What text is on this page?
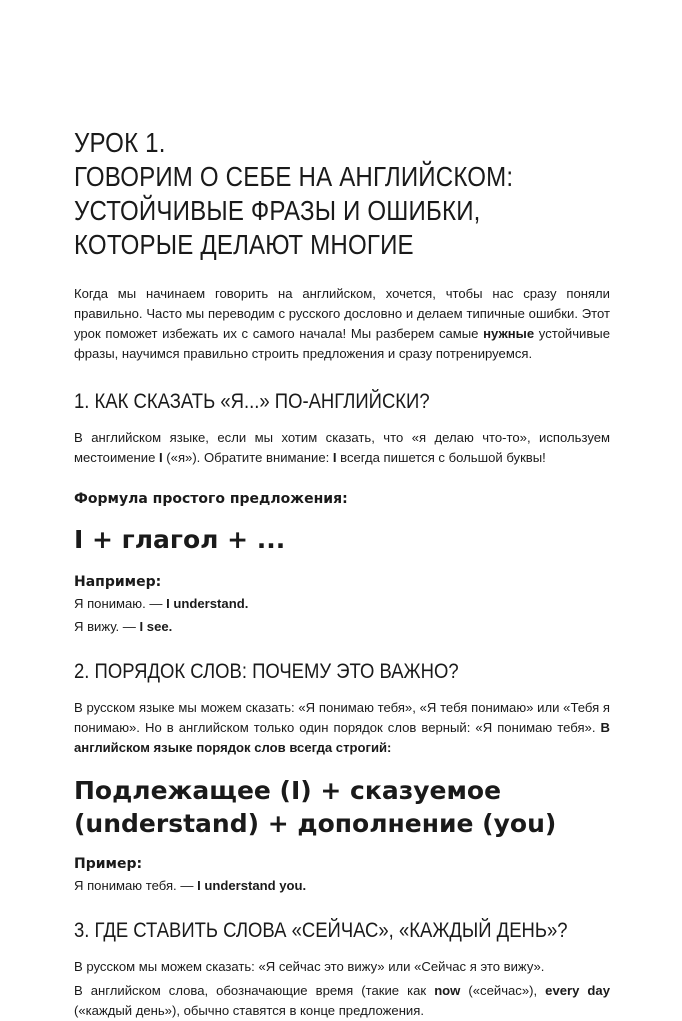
УРОК 1.
ГОВОРИМ О СЕБЕ НА АНГЛИЙСКОМ:
УСТОЙЧИВЫЕ ФРАЗЫ И ОШИБКИ,
КОТОРЫЕ ДЕЛАЮТ МНОГИЕ

Когда мы начинаем говорить на английском, хочется, чтобы нас сразу поняли правильно. Часто мы переводим с русского дословно и делаем типичные ошибки. Этот урок поможет избежать их с самого начала! Мы разберем самые нужные устойчивые фразы, научимся правильно строить предложения и сразу потренируемся.

1. КАК СКАЗАТЬ «Я...» ПО-АНГЛИЙСКИ?

В английском языке, если мы хотим сказать, что «я делаю что-то», используем местоимение I («я»). Обратите внимание: I всегда пишется с большой буквы!

Формула простого предложения:

I + глагол + ...

Например:

Я понимаю. — I understand.

Я вижу. — I see.

2. ПОРЯДОК СЛОВ: ПОЧЕМУ ЭТО ВАЖНО?

В русском языке мы можем сказать: «Я понимаю тебя», «Я тебя понимаю» или «Тебя я понимаю». Но в английском только один порядок слов верный: «Я понимаю тебя». В английском языке порядок слов всегда строгий:

Подлежащее (I) + сказуемое

(understand) + дополнение (you)

Пример:

Я понимаю тебя. — I understand you.

3. ГДЕ СТАВИТЬ СЛОВА «СЕЙЧАС», «КАЖДЫЙ ДЕНЬ»?

В русском мы можем сказать: «Я сейчас это вижу» или «Сейчас я это вижу».

В английском слова, обозначающие время (такие как now («сейчас»), every day («каждый день»), обычно ставятся в конце предложения.
